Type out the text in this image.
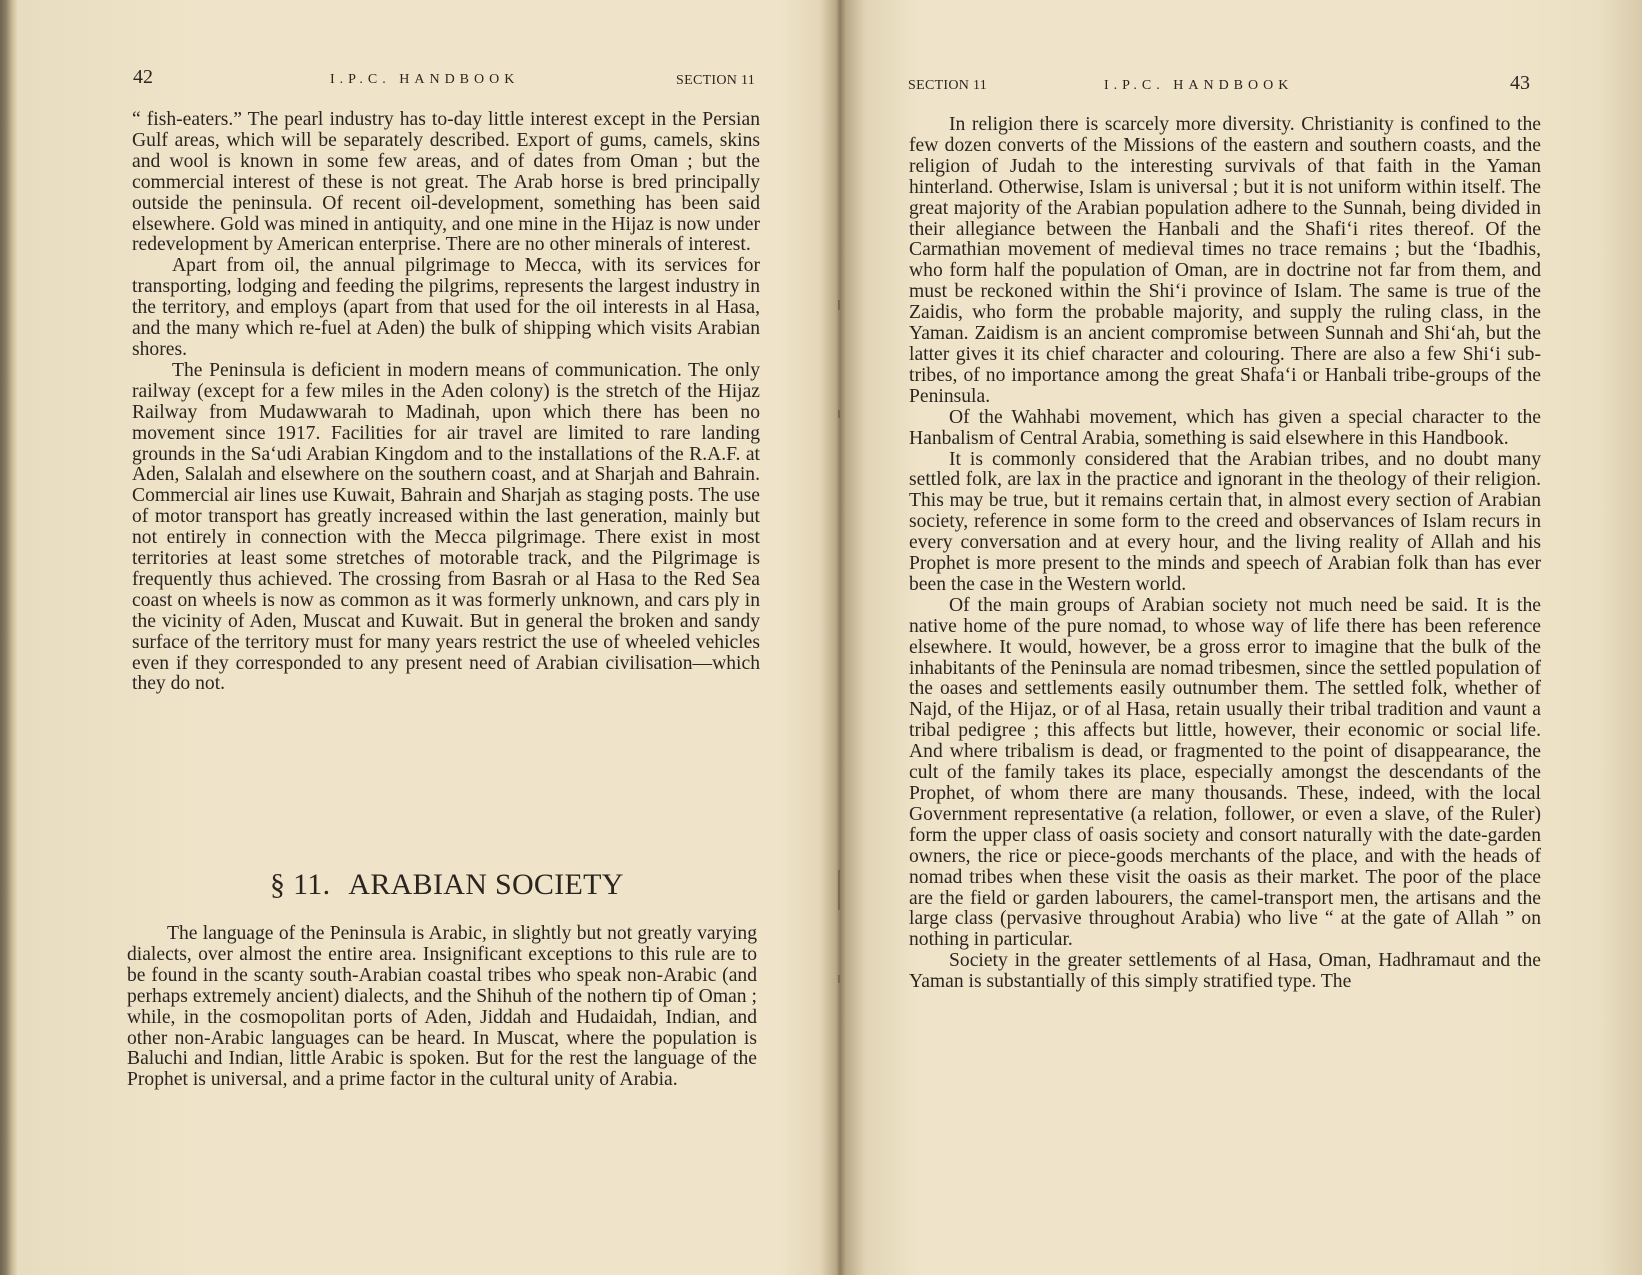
42	I.P.C. HANDBOOK	SECTION 11

“ fish-eaters.” The pearl industry has to-day little interest except in the Persian Gulf areas, which will be separately described. Export of gums, camels, skins and wool is known in some few areas, and of dates from Oman ; but the commercial interest of these is not great. The Arab horse is bred principally outside the peninsula. Of recent oil-development, something has been said elsewhere. Gold was mined in antiquity, and one mine in the Hijaz is now under redevelopment by American enterprise. There are no other minerals of interest.

Apart from oil, the annual pilgrimage to Mecca, with its services for transporting, lodging and feeding the pilgrims, represents the largest industry in the territory, and employs (apart from that used for the oil interests in al Hasa, and the many which re-fuel at Aden) the bulk of shipping which visits Arabian shores.

The Peninsula is deficient in modern means of communication. The only railway (except for a few miles in the Aden colony) is the stretch of the Hijaz Railway from Mudawwarah to Madinah, upon which there has been no movement since 1917. Facilities for air travel are limited to rare landing grounds in the Sa‘udi Arabian Kingdom and to the installations of the R.A.F. at Aden, Salalah and elsewhere on the southern coast, and at Sharjah and Bahrain. Commercial air lines use Kuwait, Bahrain and Sharjah as staging posts. The use of motor transport has greatly increased within the last generation, mainly but not entirely in connection with the Mecca pilgrimage. There exist in most territories at least some stretches of motorable track, and the Pilgrimage is frequently thus achieved. The crossing from Basrah or al Hasa to the Red Sea coast on wheels is now as common as it was formerly unknown, and cars ply in the vicinity of Aden, Muscat and Kuwait. But in general the broken and sandy surface of the territory must for many years restrict the use of wheeled vehicles even if they corresponded to any present need of Arabian civilisation—which they do not.

§ 11. ARABIAN SOCIETY

The language of the Peninsula is Arabic, in slightly but not greatly varying dialects, over almost the entire area. Insignificant exceptions to this rule are to be found in the scanty south-Arabian coastal tribes who speak non-Arabic (and perhaps extremely ancient) dialects, and the Shihuh of the nothern tip of Oman ; while, in the cosmopolitan ports of Aden, Jiddah and Hudaidah, Indian, and other non-Arabic languages can be heard. In Muscat, where the population is Baluchi and Indian, little Arabic is spoken. But for the rest the language of the Prophet is universal, and a prime factor in the cultural unity of Arabia.

SECTION 11	I.P.C. HANDBOOK	43

In religion there is scarcely more diversity. Christianity is confined to the few dozen converts of the Missions of the eastern and southern coasts, and the religion of Judah to the interesting survivals of that faith in the Yaman hinterland. Otherwise, Islam is universal ; but it is not uniform within itself. The great majority of the Arabian population adhere to the Sunnah, being divided in their allegiance between the Hanbali and the Shafi‘i rites thereof. Of the Carmathian movement of medieval times no trace remains ; but the ‘Ibadhis, who form half the population of Oman, are in doctrine not far from them, and must be reckoned within the Shi‘i province of Islam. The same is true of the Zaidis, who form the probable majority, and supply the ruling class, in the Yaman. Zaidism is an ancient compromise between Sunnah and Shi‘ah, but the latter gives it its chief character and colouring. There are also a few Shi‘i sub-tribes, of no importance among the great Shafa‘i or Hanbali tribe-groups of the Peninsula.

Of the Wahhabi movement, which has given a special character to the Hanbalism of Central Arabia, something is said elsewhere in this Handbook.

It is commonly considered that the Arabian tribes, and no doubt many settled folk, are lax in the practice and ignorant in the theology of their religion. This may be true, but it remains certain that, in almost every section of Arabian society, reference in some form to the creed and observances of Islam recurs in every conversation and at every hour, and the living reality of Allah and his Prophet is more present to the minds and speech of Arabian folk than has ever been the case in the Western world.

Of the main groups of Arabian society not much need be said. It is the native home of the pure nomad, to whose way of life there has been reference elsewhere. It would, however, be a gross error to imagine that the bulk of the inhabitants of the Peninsula are nomad tribesmen, since the settled population of the oases and settlements easily outnumber them. The settled folk, whether of Najd, of the Hijaz, or of al Hasa, retain usually their tribal tradition and vaunt a tribal pedigree ; this affects but little, however, their economic or social life. And where tribalism is dead, or fragmented to the point of disappearance, the cult of the family takes its place, especially amongst the descendants of the Prophet, of whom there are many thousands. These, indeed, with the local Government representative (a relation, follower, or even a slave, of the Ruler) form the upper class of oasis society and consort naturally with the date-garden owners, the rice or piece-goods merchants of the place, and with the heads of nomad tribes when these visit the oasis as their market. The poor of the place are the field or garden labourers, the camel-transport men, the artisans and the large class (pervasive throughout Arabia) who live “ at the gate of Allah ” on nothing in particular.

Society in the greater settlements of al Hasa, Oman, Hadhramaut and the Yaman is substantially of this simply stratified type. The
